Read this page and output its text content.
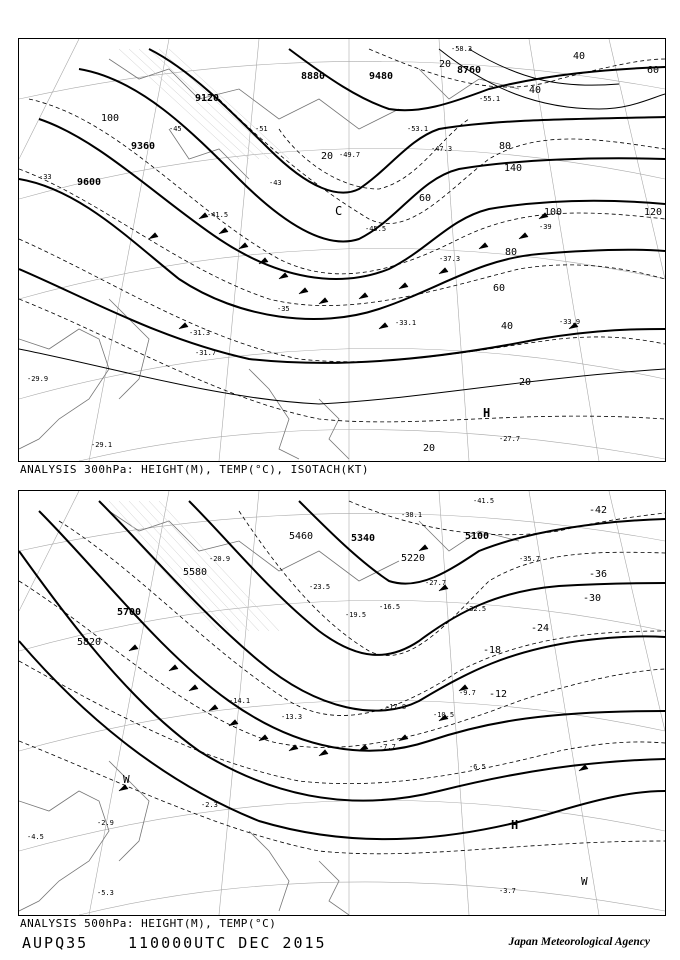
9600
9360
9120
9480
8880
8760
100
120
80
60
40
20
140
80
60
40
100
20
20
40
60
20
C
-33
-29.9
-31.7
-33.9
-41.5
-45.5
-49.7
-53.1
-55.1
-58.3
-31.3
-33.1
-35
-37.3
-39
-43
-47.3
-29.1
-27.7
-45	-51
H
ANALYSIS 300hPa: HEIGHT(M), TEMP(°C), ISOTACH(KT)
5820
5700
5580
5460	5340
5220
5100
-42
-36
-30
-24
-18
-12
-4.5
-2.9
-5.3	-3.7
-16.5
-19.5
-23.5	-27.7
-32.5
-35.7
-14.1
-9.7
-6.5
-7.7
-20.9
-10.5
-13.3
-41.5
-38.1
-17.8
-2.3
H
W
W
ANALYSIS 500hPa: HEIGHT(M), TEMP(°C)
AUPQ35	110000UTC DEC 2015	Japan Meteorological Agency
